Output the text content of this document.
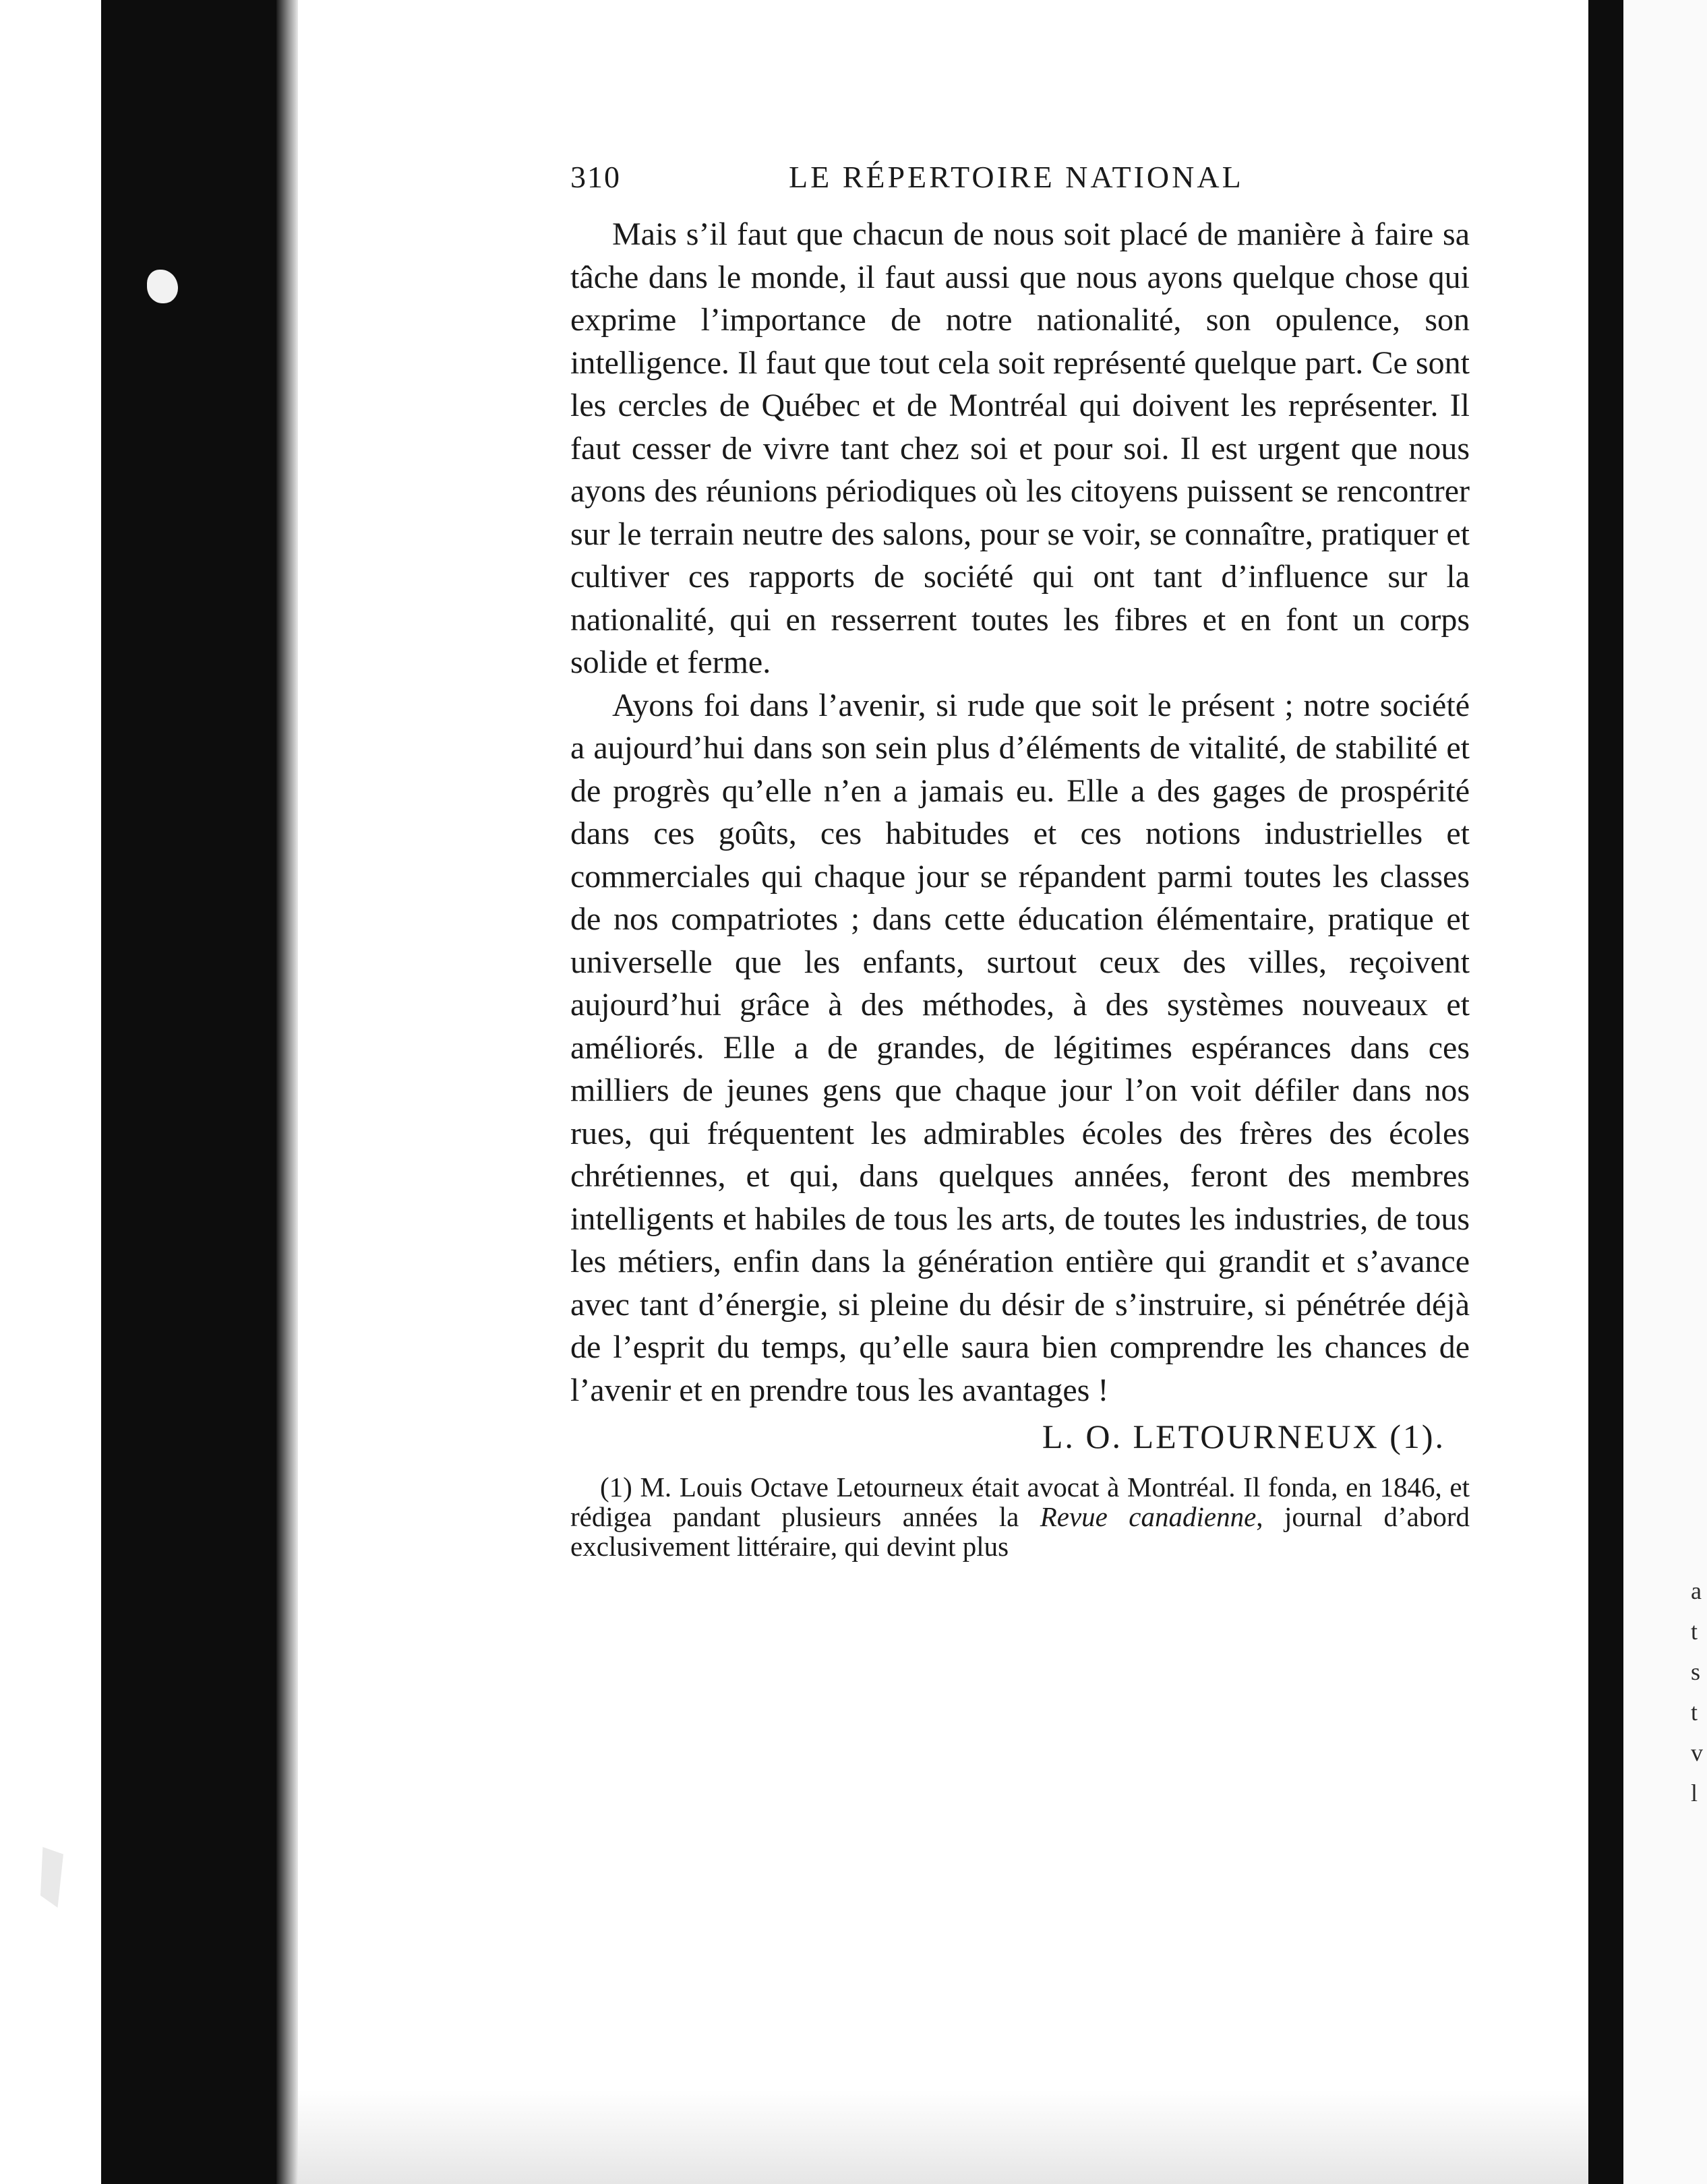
a
t
s
t
v
l
310	LE RÉPERTOIRE NATIONAL

Mais s’il faut que chacun de nous soit placé de manière à faire sa tâche dans le monde, il faut aussi que nous ayons quelque chose qui exprime l’importance de notre nationalité, son opulence, son intelligence. Il faut que tout cela soit représenté quelque part. Ce sont les cercles de Québec et de Montréal qui doivent les représenter. Il faut cesser de vivre tant chez soi et pour soi. Il est urgent que nous ayons des réunions périodiques où les citoyens puissent se rencontrer sur le terrain neutre des salons, pour se voir, se connaître, pratiquer et cultiver ces rapports de société qui ont tant d’influence sur la nationalité, qui en resserrent toutes les fibres et en font un corps solide et ferme.

Ayons foi dans l’avenir, si rude que soit le présent ; notre société a aujourd’hui dans son sein plus d’éléments de vitalité, de stabilité et de progrès qu’elle n’en a jamais eu. Elle a des gages de prospérité dans ces goûts, ces habitudes et ces notions industrielles et commerciales qui chaque jour se répandent parmi toutes les classes de nos compatriotes ; dans cette éducation élémentaire, pratique et universelle que les enfants, surtout ceux des villes, reçoivent aujourd’hui grâce à des méthodes, à des systèmes nouveaux et améliorés. Elle a de grandes, de légitimes espérances dans ces milliers de jeunes gens que chaque jour l’on voit défiler dans nos rues, qui fréquentent les admirables écoles des frères des écoles chrétiennes, et qui, dans quelques années, feront des membres intelligents et habiles de tous les arts, de toutes les industries, de tous les métiers, enfin dans la génération entière qui grandit et s’avance avec tant d’énergie, si pleine du désir de s’instruire, si pénétrée déjà de l’esprit du temps, qu’elle saura bien comprendre les chances de l’avenir et en prendre tous les avantages !

L. O. LETOURNEUX (1).

(1) M. Louis Octave Letourneux était avocat à Montréal. Il fonda, en 1846, et rédigea pandant plusieurs années la Revue canadienne, journal d’abord exclusivement littéraire, qui devint plus
